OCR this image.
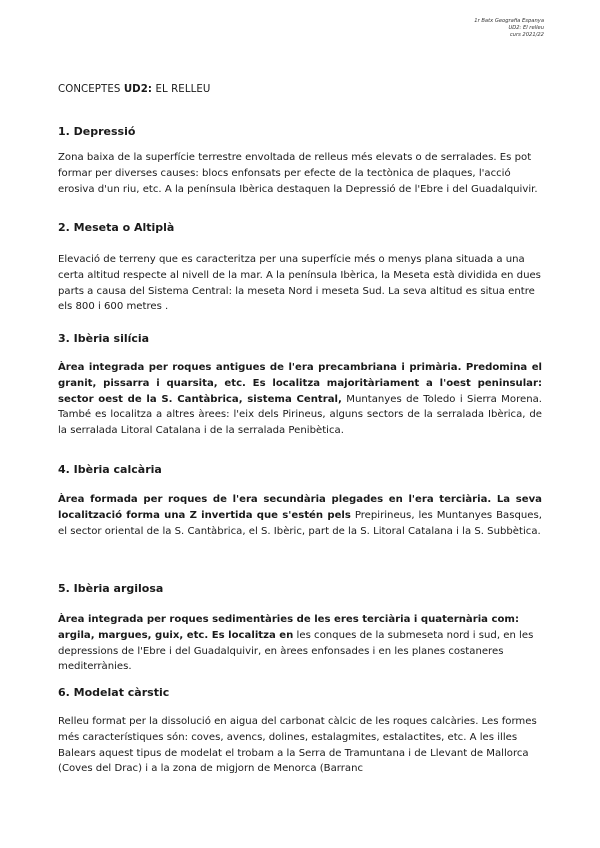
1r Batx Geografia Espanya
UD2: El relleu
curs 2021/22
CONCEPTES UD2: EL RELLEU
1. Depressió

Zona baixa de la superfície terrestre envoltada de relleus més elevats o de serralades. Es pot formar per diverses causes: blocs enfonsats per efecte de la tectònica de plaques, l'acció erosiva d'un riu, etc. A la península Ibèrica destaquen la Depressió de l'Ebre i del Guadalquivir.

2. Meseta o Altiplà

Elevació de terreny que es caracteritza per una superfície més o menys plana situada a una certa altitud respecte al nivell de la mar. A la península Ibèrica, la Meseta està dividida en dues parts a causa del Sistema Central: la meseta Nord i meseta Sud. La seva altitud es situa entre els 800 i 600 metres .

3. Ibèria silícia

Àrea integrada per roques antigues de l'era precambriana i primària. Predomina el granit, pissarra i quarsita, etc. Es localitza majoritàriament a l'oest peninsular: sector oest de la S. Cantàbrica, sistema Central, Muntanyes de Toledo i Sierra Morena. També es localitza a altres àrees: l'eix dels Pirineus, alguns sectors de la serralada Ibèrica, de la serralada Litoral Catalana i de la serralada Penibètica.

4. Ibèria calcària

Àrea formada per roques de l'era secundària plegades en l'era terciària. La seva localització forma una Z invertida que s'estén pels Prepirineus, les Muntanyes Basques, el sector oriental de la S. Cantàbrica, el S. Ibèric, part de la S. Litoral Catalana i la S. Subbètica.

5. Ibèria argilosa

Àrea integrada per roques sedimentàries de les eres terciària i quaternària com: argila, margues, guix, etc. Es localitza en les conques de la submeseta nord i sud, en les depressions de l'Ebre i del Guadalquivir, en àrees enfonsades i en les planes costaneres mediterrànies.

6. Modelat càrstic

Relleu format per la dissolució en aigua del carbonat càlcic de les roques calcàries. Les formes més característiques són: coves, avencs, dolines, estalagmites, estalactites, etc. A les illes Balears aquest tipus de modelat el trobam a la Serra de Tramuntana i de Llevant de Mallorca (Coves del Drac) i a la zona de migjorn de Menorca (Barranc
